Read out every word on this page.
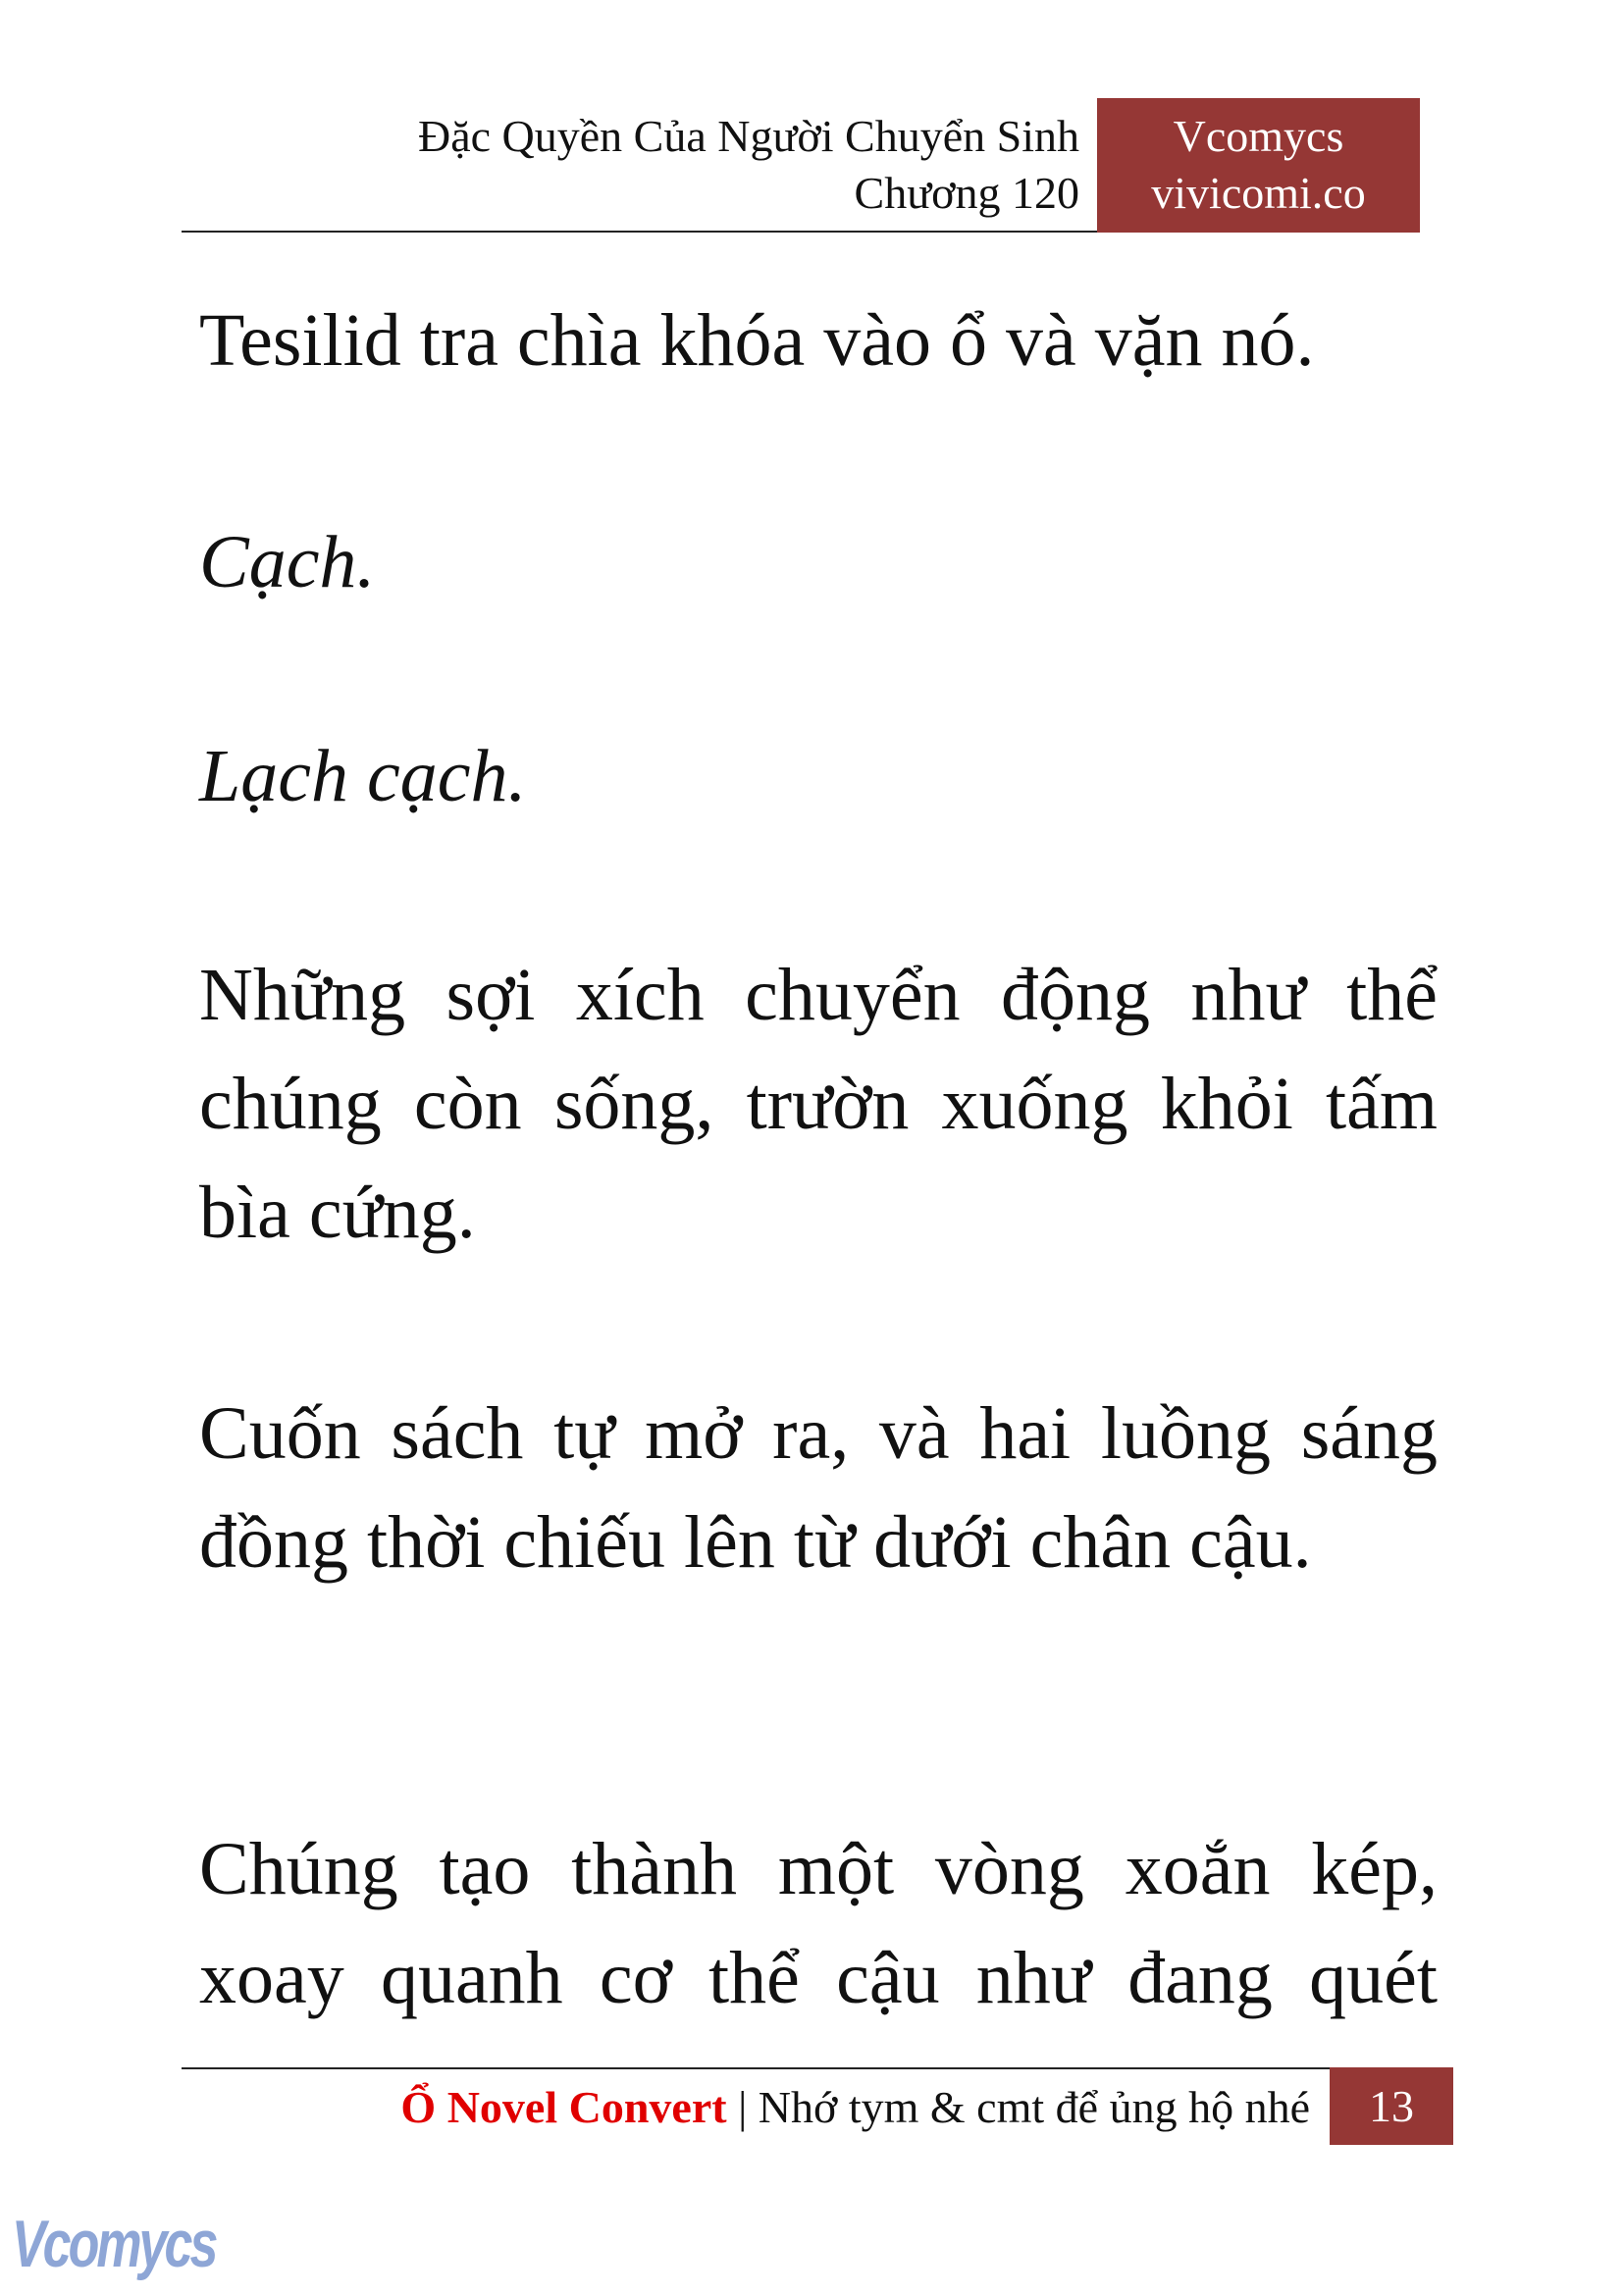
Đặc Quyền Của Người Chuyển Sinh
Chương 120
Vcomycs
vivicomi.co
Tesilid tra chìa khóa vào ổ và vặn nó.
Cạch.
Lạch cạch.
Những sợi xích chuyển động như thể chúng còn sống, trườn xuống khỏi tấm bìa cứng.
Cuốn sách tự mở ra, và hai luồng sáng đồng thời chiếu lên từ dưới chân cậu.
Chúng tạo thành một vòng xoắn kép, xoay quanh cơ thể cậu như đang quét
Ổ Novel Convert | Nhớ tym & cmt để ủng hộ nhé	13
Vcomycs
